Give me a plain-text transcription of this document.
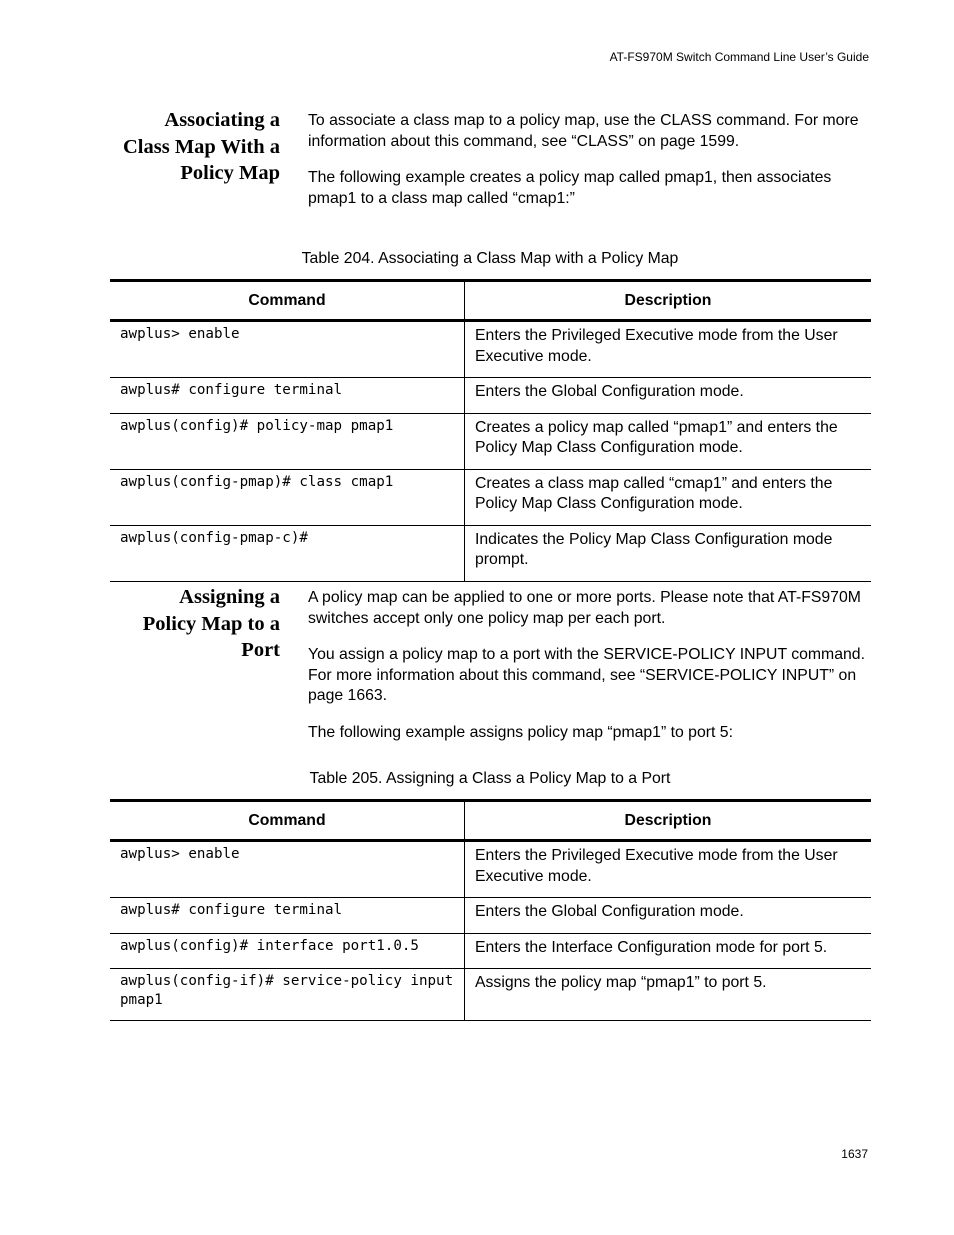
AT-FS970M Switch Command Line User’s Guide
Associating a
Class Map With a
Policy Map

To associate a class map to a policy map, use the CLASS command. For more information about this command, see “CLASS” on page 1599.

The following example creates a policy map called pmap1, then associates pmap1 to a class map called “cmap1:”

Table 204. Associating a Class Map with a Policy Map
Command	Description
awplus> enable	Enters the Privileged Executive mode from the User Executive mode.
awplus# configure terminal	Enters the Global Configuration mode.
awplus(config)# policy-map pmap1	Creates a policy map called “pmap1” and enters the Policy Map Class Configuration mode.
awplus(config-pmap)# class cmap1	Creates a class map called “cmap1” and enters the Policy Map Class Configuration mode.
awplus(config-pmap-c)#	Indicates the Policy Map Class Configuration mode prompt.
Assigning a
Policy Map to a
Port

A policy map can be applied to one or more ports. Please note that AT-FS970M switches accept only one policy map per each port.

You assign a policy map to a port with the SERVICE-POLICY INPUT command. For more information about this command, see “SERVICE-POLICY INPUT” on page 1663.

The following example assigns policy map “pmap1” to port 5:

Table 205. Assigning a Class a Policy Map to a Port
Command	Description
awplus> enable	Enters the Privileged Executive mode from the User Executive mode.
awplus# configure terminal	Enters the Global Configuration mode.
awplus(config)# interface port1.0.5	Enters the Interface Configuration mode for port 5.
awplus(config-if)# service-policy input pmap1	Assigns the policy map “pmap1” to port 5.
1637
